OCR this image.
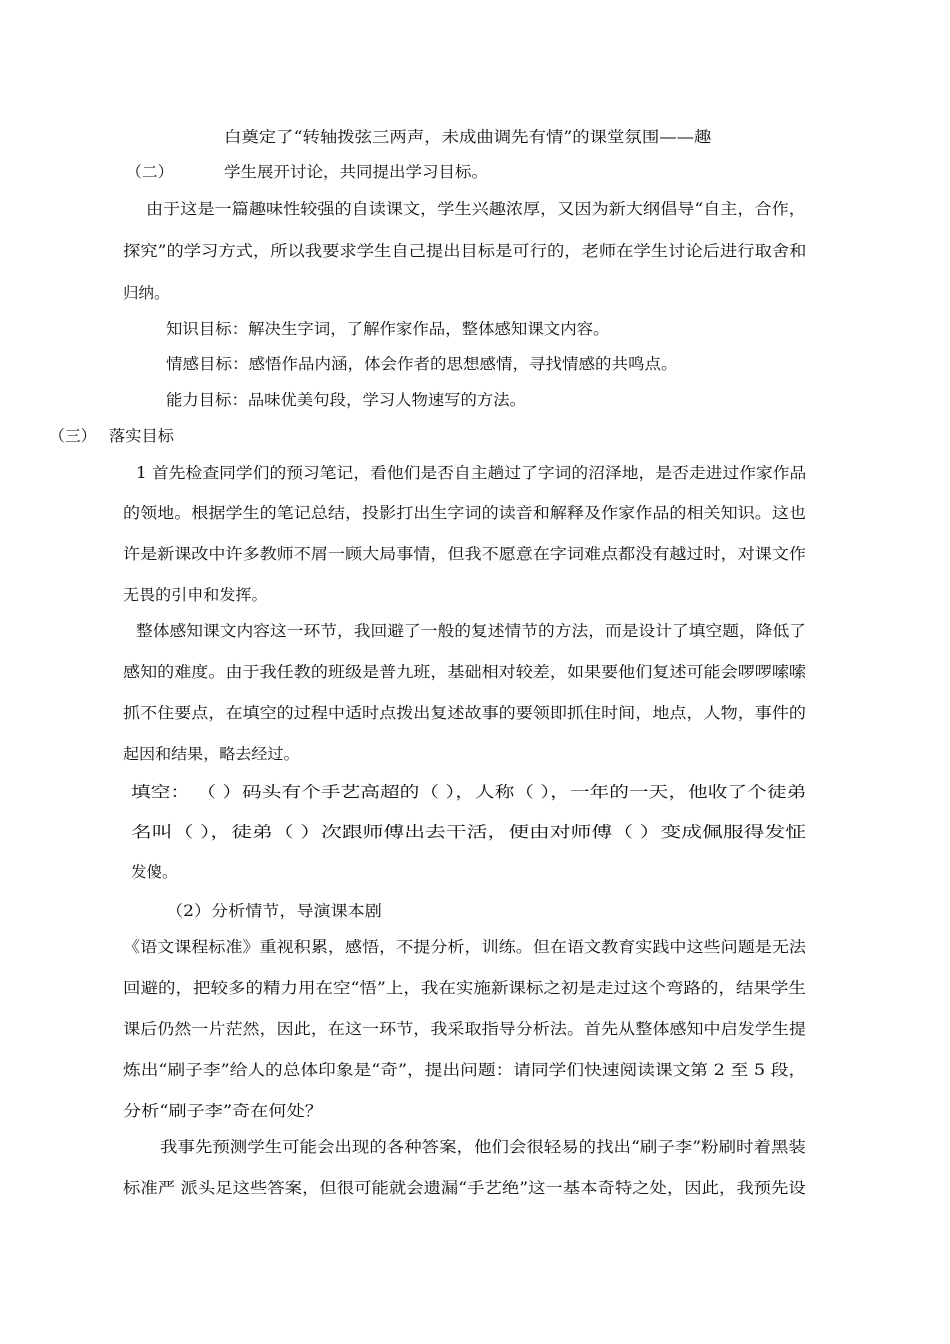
白奠定了“转轴拨弦三两声，未成曲调先有情”的课堂氛围——趣
（二）	学生展开讨论，共同提出学习目标。
由于这是一篇趣味性较强的自读课文，学生兴趣浓厚，又因为新大纲倡导“自主，合作，
探究”的学习方式，所以我要求学生自己提出目标是可行的，老师在学生讨论后进行取舍和
归纳。
知识目标：解决生字词，了解作家作品，整体感知课文内容。
情感目标：感悟作品内涵，体会作者的思想感情，寻找情感的共鸣点。
能力目标：品味优美句段，学习人物速写的方法。
（三） 落实目标
1 首先检查同学们的预习笔记，看他们是否自主趟过了字词的沼泽地，是否走进过作家作品
的领地。根据学生的笔记总结，投影打出生字词的读音和解释及作家作品的相关知识。这也
许是新课改中许多教师不屑一顾大局事情，但我不愿意在字词难点都没有越过时，对课文作
无畏的引申和发挥。
整体感知课文内容这一环节，我回避了一般的复述情节的方法，而是设计了填空题，降低了
感知的难度。由于我任教的班级是普九班，基础相对较差，如果要他们复述可能会啰啰嗦嗦
抓不住要点，在填空的过程中适时点拨出复述故事的要领即抓住时间，地点，人物，事件的
起因和结果，略去经过。
填空： （ ）码头有个手艺高超的（ ），人称（ ），一年的一天，他收了个徒弟
名叫（ ），徒弟（ ）次跟师傅出去干活，便由对师傅（ ）变成佩服得发怔
发傻。
（2）分析情节，导演课本剧
《语文课程标准》重视积累，感悟，不提分析，训练。但在语文教育实践中这些问题是无法
回避的，把较多的精力用在空“悟”上，我在实施新课标之初是走过这个弯路的，结果学生
课后仍然一片茫然，因此，在这一环节，我采取指导分析法。首先从整体感知中启发学生提
炼出“刷子李”给人的总体印象是“奇”，提出问题：请同学们快速阅读课文第 2 至 5 段，
分析“刷子李”奇在何处？
我事先预测学生可能会出现的各种答案，他们会很轻易的找出“刷子李”粉刷时着黑装
标准严 派头足这些答案，但很可能就会遗漏“手艺绝”这一基本奇特之处，因此，我预先设
